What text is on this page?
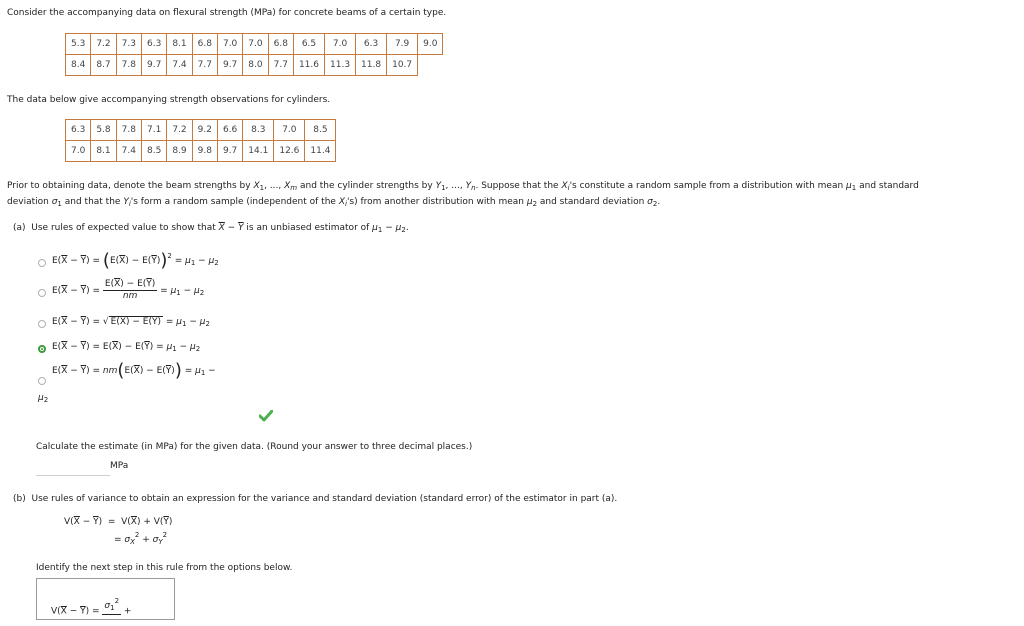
Consider the accompanying data on flexural strength (MPa) for concrete beams of a certain type.
5.3	7.2	7.3	6.3	8.1	6.8	7.0	7.0	6.8	6.5	7.0	6.3	7.9	9.0
8.4	8.7	7.8	9.7	7.4	7.7	9.7	8.0	7.7	11.6	11.3	11.8	10.7	
The data below give accompanying strength observations for cylinders.
6.3	5.8	7.8	7.1	7.2	9.2	6.6	8.3	7.0	8.5
7.0	8.1	7.4	8.5	8.9	9.8	9.7	14.1	12.6	11.4
Prior to obtaining data, denote the beam strengths by $X_1$, ..., $X_m$ and the cylinder strengths by $Y_1$, ..., $Y_n$. Suppose that the $X_i's$ constitute a random sample from a distribution with mean $\mu_1$ and standard
deviation $\sigma_1$ and that the $Y_i's$ form a random sample (independent of the $X_i's$) from another distribution with mean $\mu_2$ and standard deviation $\sigma_2$.
(a) Use rules of expected value to show that $\overline{X} - \overline{Y}$ is an unbiased estimator of $\mu_1 - \mu_2$.
$E(\overline{X} - \overline{Y}) = (E(\overline{X}) - E(\overline{Y}))^2 = \mu_1 - \mu_2$
$E(\overline{X} - \overline{Y}) = \frac{E(\overline{X}) - E(\overline{Y})}{nm} = \mu_1 - \mu_2$
$E(\overline{X} - \overline{Y})$ = √ $E(\overline{X}) - E(\overline{Y}) = \mu_1 - \mu_2$
$E(\overline{X} - \overline{Y}) = E(\overline{X}) - E(\overline{Y}) = \mu_1 - \mu_2$
$E(\overline{X} - \overline{Y}) = nm(E(\overline{X}) - E(\overline{Y})) = \mu_1$ −
$\mu_2$
Calculate the estimate (in MPa) for the given data. (Round your answer to three decimal places.)
MPa
(b) Use rules of variance to obtain an expression for the variance and standard deviation (standard error) of the estimator in part (a).
$V(\overline{X} - \overline{Y}) = V(\overline{X}) + V(\overline{Y})$
= $\sigma_X^2 + \sigma_Y^2$
Identify the next step in this rule from the options below.
$V(\overline{X} - \overline{Y})$ =
$\sigma_1^2$

+
